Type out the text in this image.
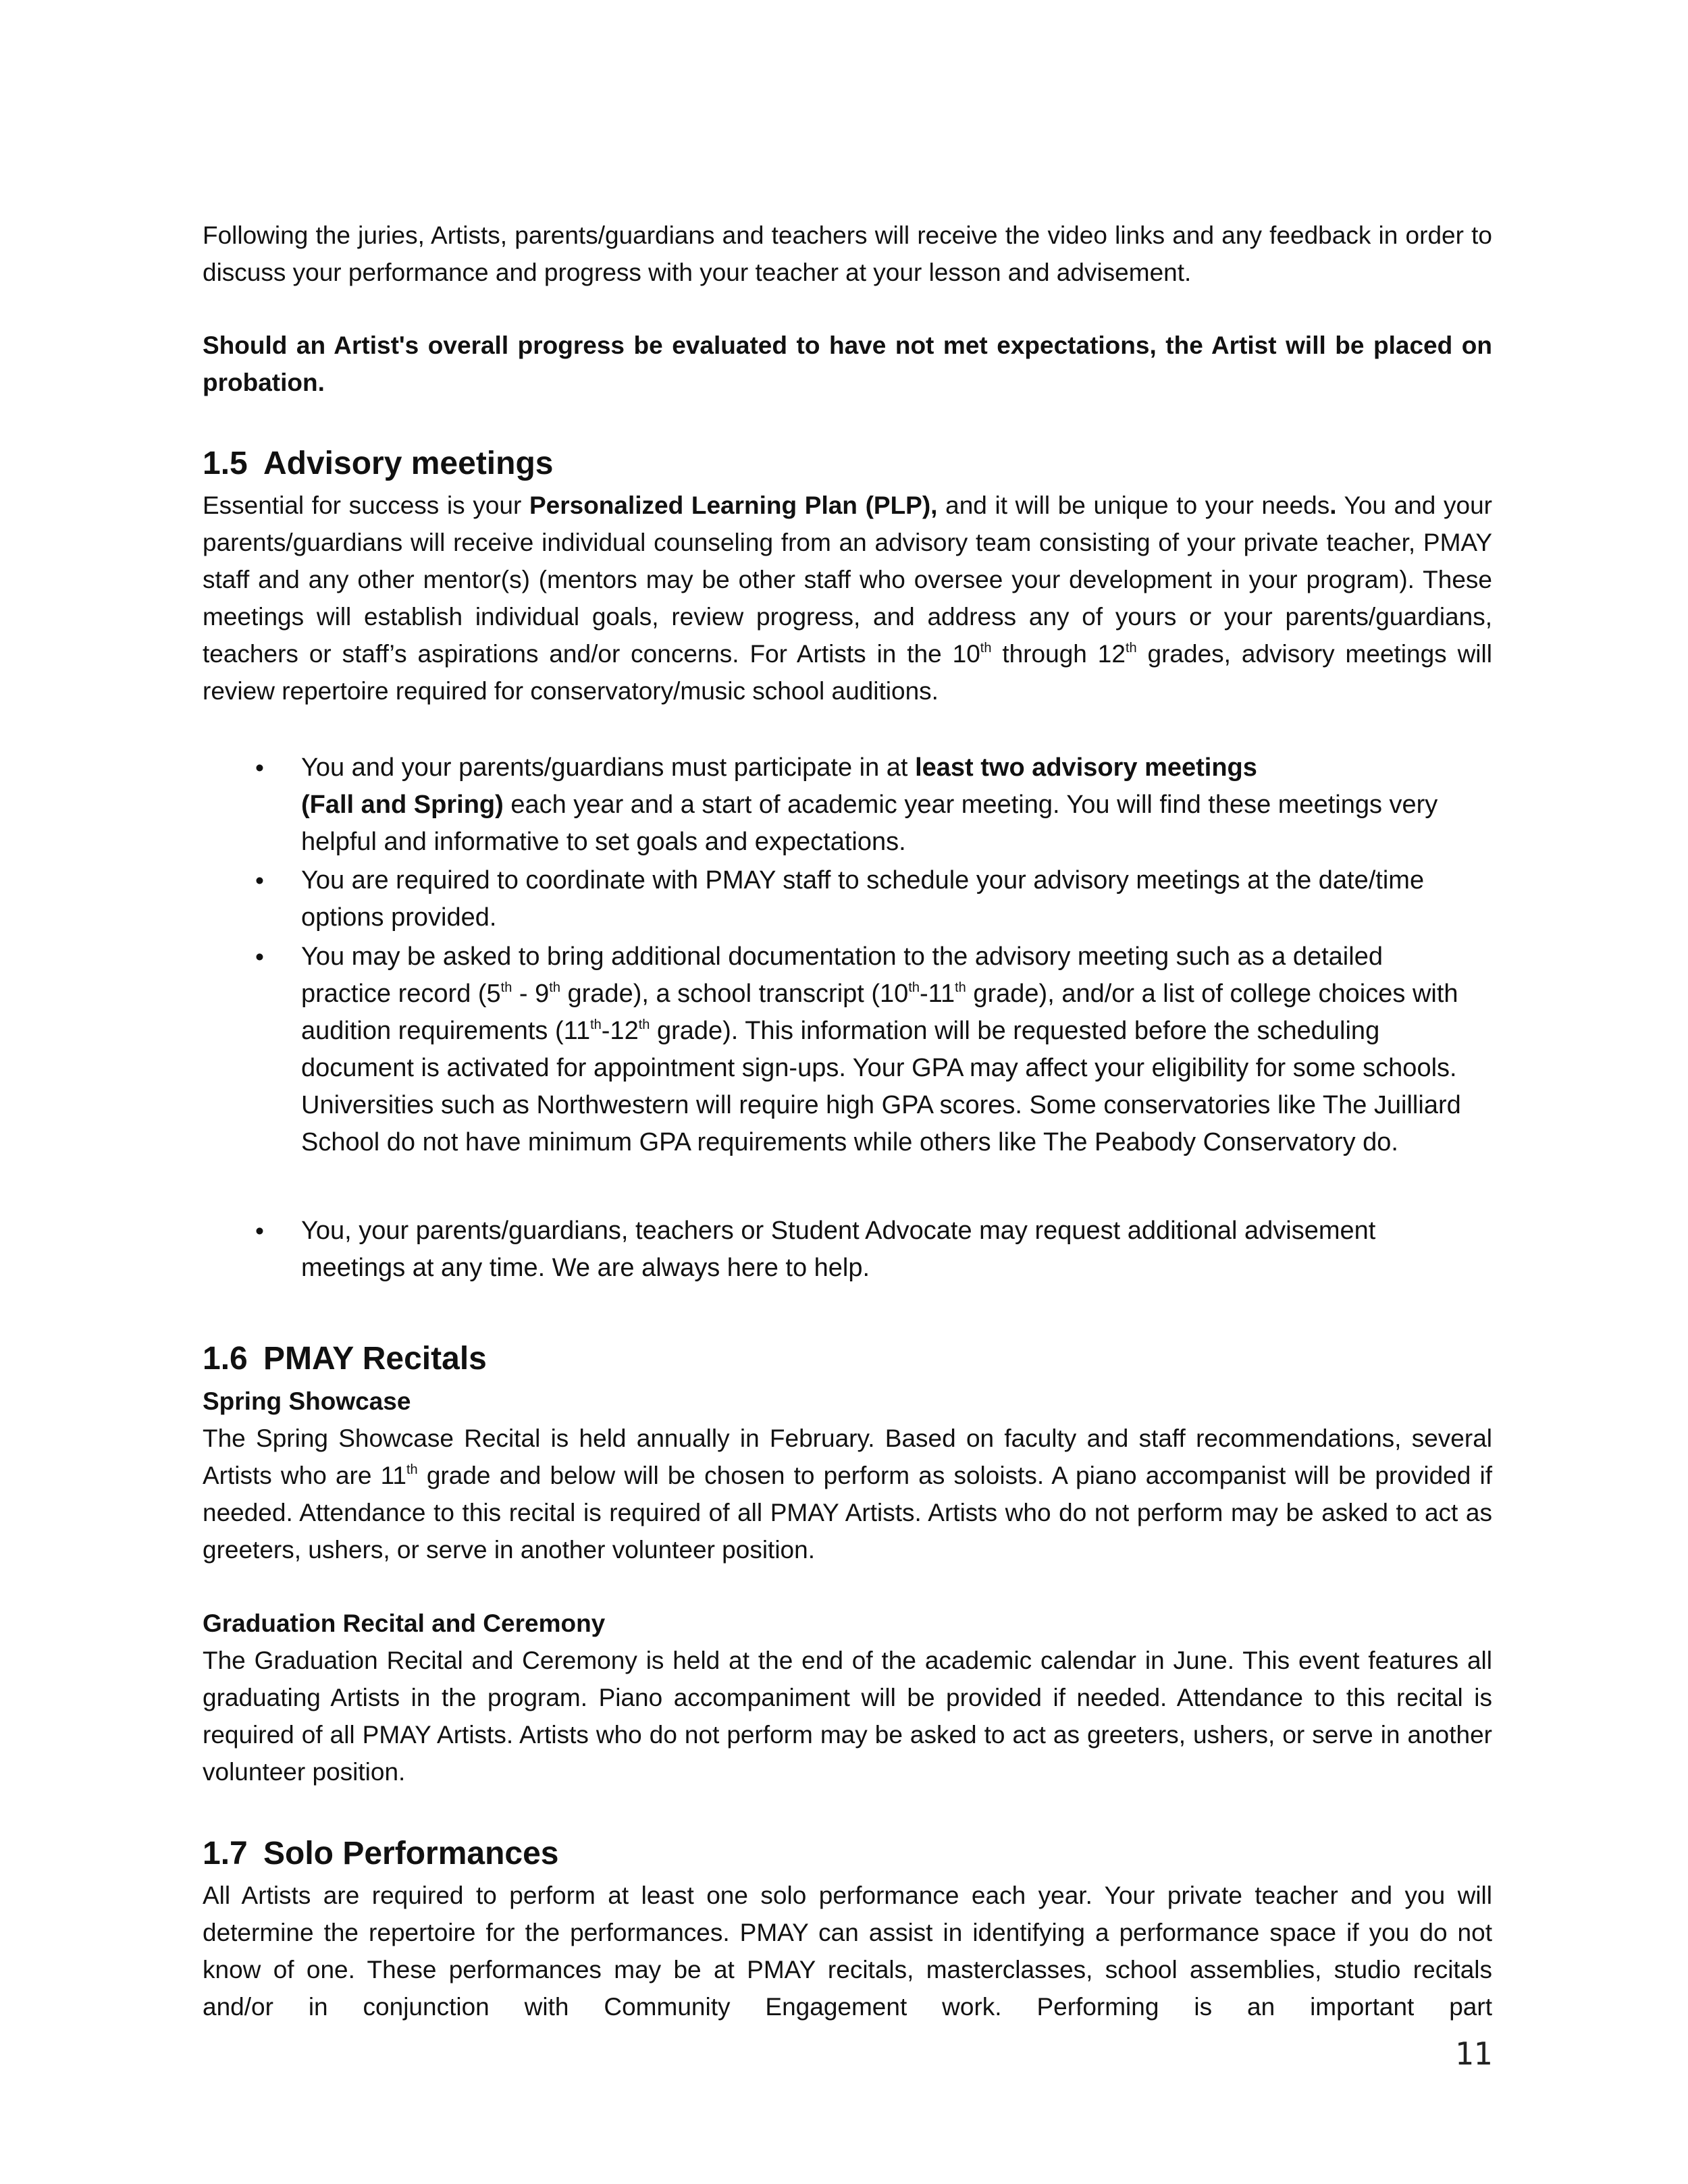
Following the juries, Artists, parents/guardians and teachers will receive the video links and any feedback in order to discuss your performance and progress with your teacher at your lesson and advisement.
Should an Artist's overall progress be evaluated to have not met expectations, the Artist will be placed on probation.
1.5 Advisory meetings
Essential for success is your Personalized Learning Plan (PLP), and it will be unique to your needs. You and your parents/guardians will receive individual counseling from an advisory team consisting of your private teacher, PMAY staff and any other mentor(s) (mentors may be other staff who oversee your development in your program). These meetings will establish individual goals, review progress, and address any of yours or your parents/guardians, teachers or staff’s aspirations and/or concerns. For Artists in the 10th through 12th grades, advisory meetings will review repertoire required for conservatory/music school auditions.
• You and your parents/guardians must participate in at least two advisory meetings
(Fall and Spring) each year and a start of academic year meeting. You will find these meetings very helpful and informative to set goals and expectations.
• You are required to coordinate with PMAY staff to schedule your advisory meetings at the date/time options provided.
• You may be asked to bring additional documentation to the advisory meeting such as a detailed practice record (5th - 9th grade), a school transcript (10th-11th grade), and/or a list of college choices with audition requirements (11th-12th grade). This information will be requested before the scheduling document is activated for appointment sign-ups. Your GPA may affect your eligibility for some schools. Universities such as Northwestern will require high GPA scores. Some conservatories like The Juilliard School do not have minimum GPA requirements while others like The Peabody Conservatory do.
• You, your parents/guardians, teachers or Student Advocate may request additional advisement meetings at any time. We are always here to help.
1.6 PMAY Recitals
Spring Showcase
The Spring Showcase Recital is held annually in February. Based on faculty and staff recommendations, several Artists who are 11th grade and below will be chosen to perform as soloists. A piano accompanist will be provided if needed. Attendance to this recital is required of all PMAY Artists. Artists who do not perform may be asked to act as greeters, ushers, or serve in another volunteer position.
Graduation Recital and Ceremony
The Graduation Recital and Ceremony is held at the end of the academic calendar in June. This event features all graduating Artists in the program. Piano accompaniment will be provided if needed. Attendance to this recital is required of all PMAY Artists. Artists who do not perform may be asked to act as greeters, ushers, or serve in another volunteer position.
1.7 Solo Performances
All Artists are required to perform at least one solo performance each year. Your private teacher and you will determine the repertoire for the performances. PMAY can assist in identifying a performance space if you do not know of one. These performances may be at PMAY recitals, masterclasses, school assemblies, studio recitals and/or in conjunction with Community Engagement work. Performing is an important part
11
